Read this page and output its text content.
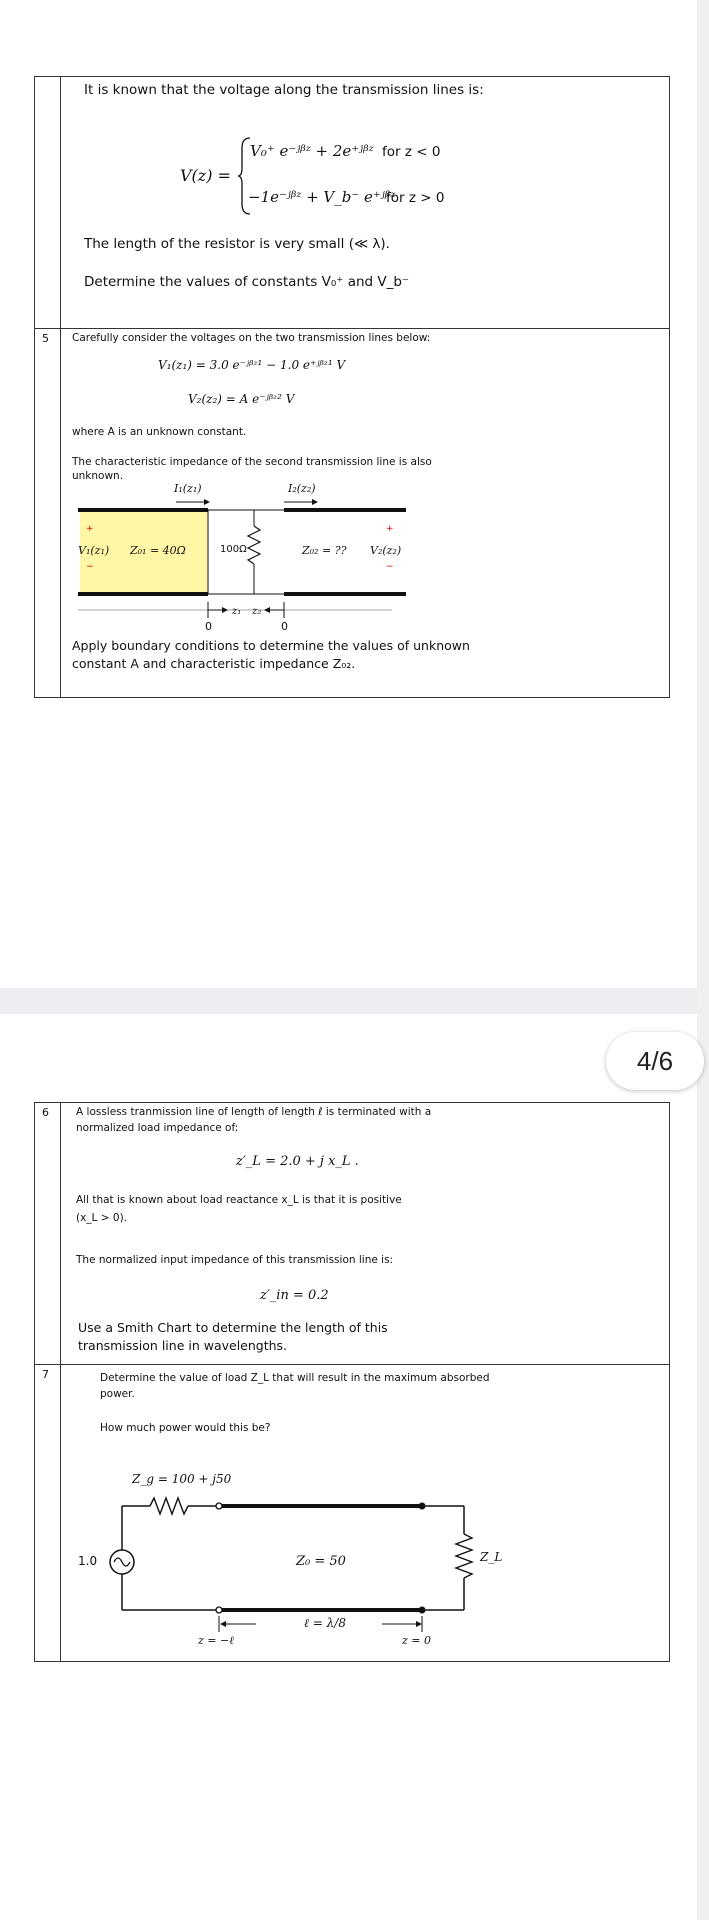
It is known that the voltage along the transmission lines is:
V(z) =
V₀⁺ e⁻ʲᵝᶻ + 2e⁺ʲᵝᶻ for z < 0
−1e⁻ʲᵝᶻ + V_b⁻ e⁺ʲᵝᶻ
for z > 0
The length of the resistor is very small (≪ λ).
Determine the values of constants V₀⁺ and V_b⁻
5 Carefully consider the voltages on the two transmission lines below:
V₁(z₁) = 3.0 e⁻ʲᵝᶻ¹ − 1.0 e⁺ʲᵝᶻ¹ V
V₂(z₂) = A e⁻ʲᵝᶻ² V
where A is an unknown constant.
The characteristic impedance of the second transmission line is also
unknown.
I₁(z₁)	I₂(z₂)
+
V₁(z₁)
−
Z₀₁ = 40Ω	100Ω	Z₀₂ = ??
+
V₂(z₂)
−
0
z₁ z₂
0
Apply boundary conditions to determine the values of unknown
constant A and characteristic impedance Z₀₂.
6	A lossless tranmission line of length of length ℓ is terminated with a
normalized load impedance of:
z′_L = 2.0 + j x_L .
All that is known about load reactance x_L is that it is positive
(x_L > 0).
The normalized input impedance of this transmission line is:
z′_in = 0.2
Use a Smith Chart to determine the length of this
transmission line in wavelengths.
7	Determine the value of load Z_L that will result in the maximum absorbed
power.
How much power would this be?
Z_g = 100 + j50
1.0	Z₀ = 50	Z_L
ℓ = λ/8
z = −ℓ	z = 0
4/6
